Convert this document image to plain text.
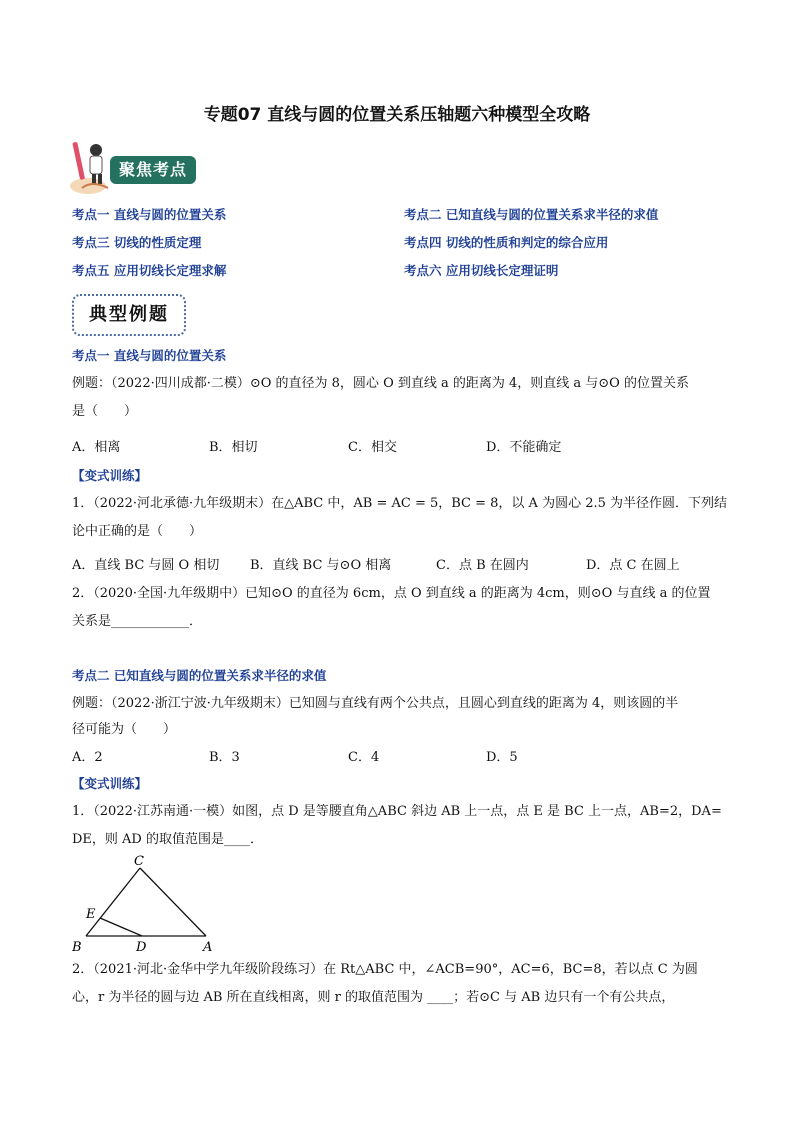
专题07 直线与圆的位置关系压轴题六种模型全攻略
聚焦考点
考点一 直线与圆的位置关系	考点二 已知直线与圆的位置关系求半径的求值
考点三 切线的性质定理	考点四 切线的性质和判定的综合应用
考点五 应用切线长定理求解	考点六 应用切线长定理证明
典型例题
考点一 直线与圆的位置关系
例题：（2022·四川成都·二模）⊙O 的直径为 8，圆心 O 到直线 a 的距离为 4，则直线 a 与⊙O 的位置关系
是（　　）
A．相离	B．相切	C．相交	D．不能确定
【变式训练】
1．（2022·河北承德·九年级期末）在△ABC 中，AB = AC = 5，BC = 8，以 A 为圆心 2.5 为半径作圆．下列结
论中正确的是（　　）
A．直线 BC 与圆 O 相切 B．直线 BC 与⊙O 相离	C．点 B 在圆内	D．点 C 在圆上
2．（2020·全国·九年级期中）已知⊙O 的直径为 6cm，点 O 到直线 a 的距离为 4cm，则⊙O 与直线 a 的位置
关系是____________．
考点二 已知直线与圆的位置关系求半径的求值
例题：（2022·浙江宁波·九年级期末）已知圆与直线有两个公共点，且圆心到直线的距离为 4，则该圆的半
径可能为（　　）
A．2	B．3	C．4	D．5
【变式训练】
1．（2022·江苏南通·一模）如图，点 D 是等腰直角△ABC 斜边 AB 上一点，点 E 是 BC 上一点，AB=2，DA=
DE，则 AD 的取值范围是____．
C
E
B	D	A
2．（2021·河北·金华中学九年级阶段练习）在 Rt△ABC 中，∠ACB=90°，AC=6，BC=8，若以点 C 为圆
心，r 为半径的圆与边 AB 所在直线相离，则 r 的取值范围为 ____；若⊙C 与 AB 边只有一个有公共点，
